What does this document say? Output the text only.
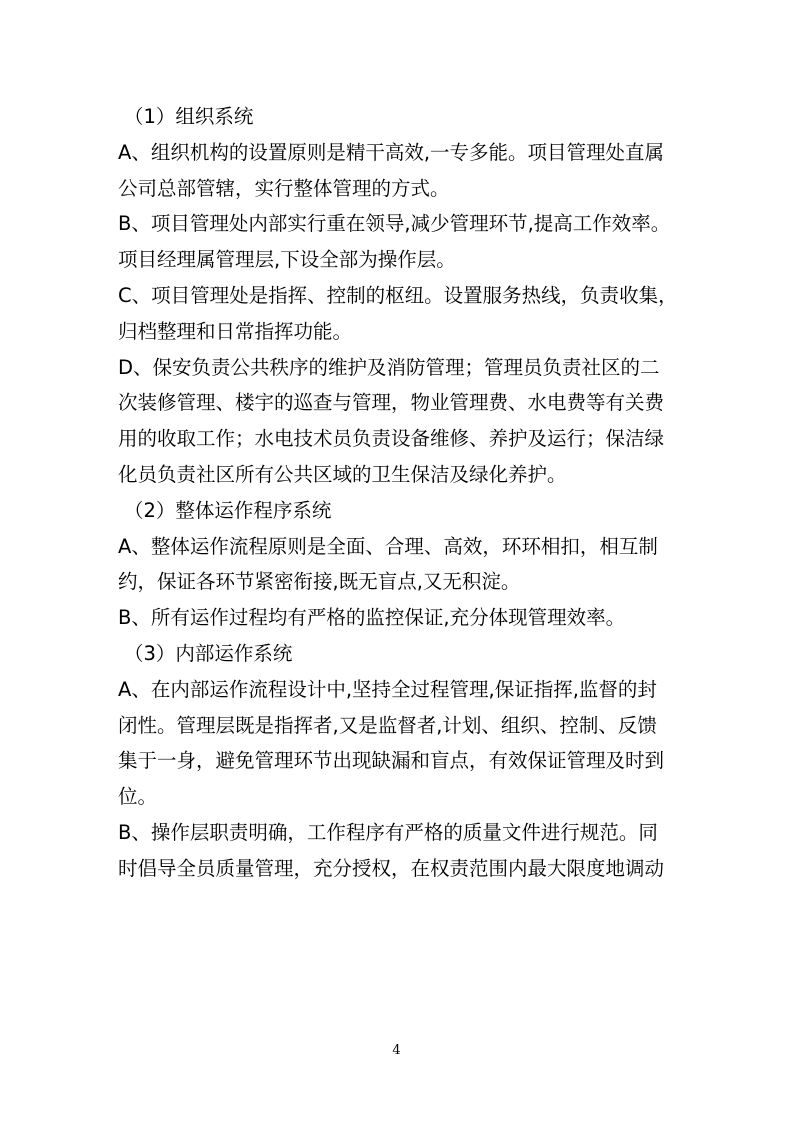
（1）组织系统
A、组织机构的设置原则是精干高效,一专多能。项目管理处直属
公司总部管辖，实行整体管理的方式。
B、项目管理处内部实行重在领导,减少管理环节,提高工作效率。
项目经理属管理层,下设全部为操作层。
C、项目管理处是指挥、控制的枢纽。设置服务热线，负责收集，
归档整理和日常指挥功能。
D、保安负责公共秩序的维护及消防管理；管理员负责社区的二
次装修管理、楼宇的巡查与管理，物业管理费、水电费等有关费
用的收取工作；水电技术员负责设备维修、养护及运行；保洁绿
化员负责社区所有公共区域的卫生保洁及绿化养护。
（2）整体运作程序系统
A、整体运作流程原则是全面、合理、高效，环环相扣，相互制
约，保证各环节紧密衔接,既无盲点,又无积淀。
B、所有运作过程均有严格的监控保证,充分体现管理效率。
（3）内部运作系统
A、在内部运作流程设计中,坚持全过程管理,保证指挥,监督的封
闭性。管理层既是指挥者,又是监督者,计划、组织、控制、反馈
集于一身，避免管理环节出现缺漏和盲点，有效保证管理及时到
位。
B、操作层职责明确，工作程序有严格的质量文件进行规范。同
时倡导全员质量管理，充分授权，在权责范围内最大限度地调动
4
